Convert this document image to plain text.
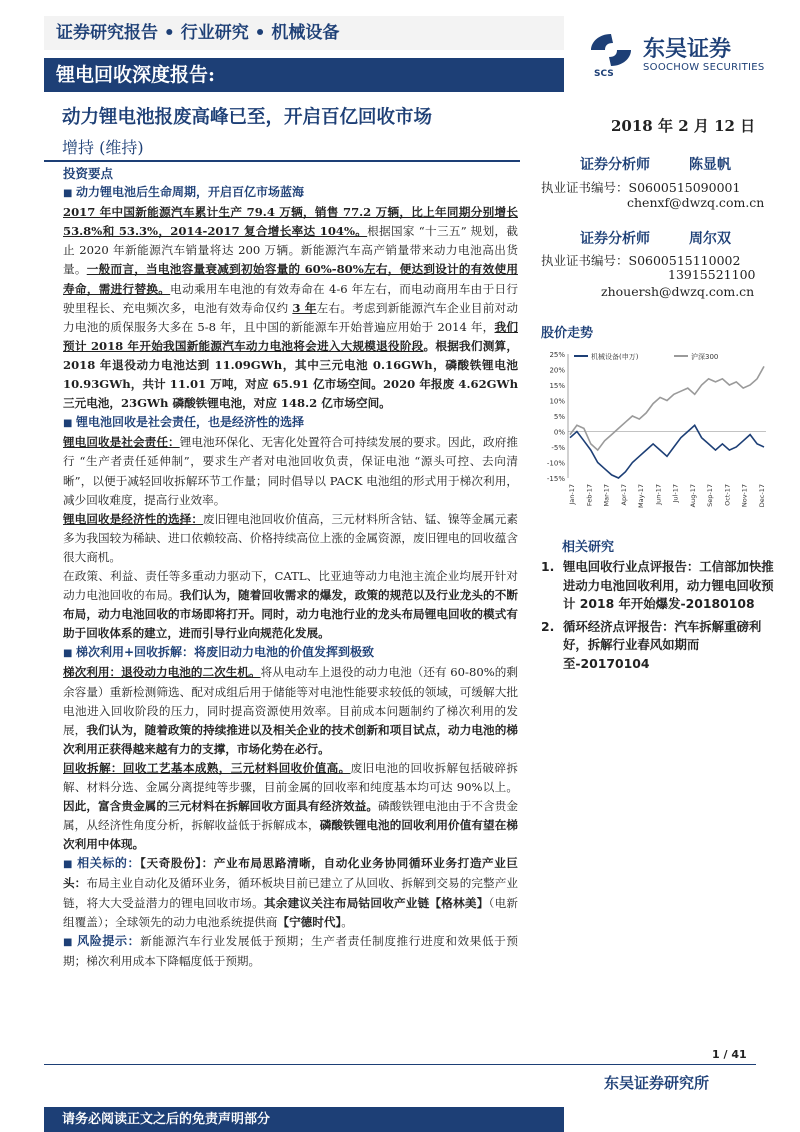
证券研究报告 • 行业研究 • 机械设备
锂电回收深度报告:	SCS
东吴证券
SOOCHOW SECURITIES
动力锂电池报废高峰已至，开启百亿回收市场
增持 (维持)
2018 年 2 月 12 日
投资要点
■ 动力锂电池后生命周期，开启百亿市场蓝海

2017 年中国新能源汽车累计生产 79.4 万辆，销售 77.2 万辆，比上年同期分别增长 53.8%和 53.3%，2014-2017 复合增长率达 104%。根据国家 “十三五” 规划，截止 2020 年新能源汽车销量将达 200 万辆。新能源汽车高产销量带来动力电池高出货量。一般而言，当电池容量衰减到初始容量的 60%-80%左右，便达到设计的有效使用寿命，需进行替换。电动乘用车电池的有效寿命在 4-6 年左右，而电动商用车由于日行驶里程长、充电频次多，电池有效寿命仅约 3 年左右。考虑到新能源汽车企业目前对动力电池的质保服务大多在 5-8 年，且中国的新能源车开始普遍应用始于 2014 年，我们预计 2018 年开始我国新能源汽车动力电池将会进入大规模退役阶段。根据我们测算， 2018 年退役动力电池达到 11.09GWh，其中三元电池 0.16GWh，磷酸铁锂电池 10.93GWh，共计 11.01 万吨，对应 65.91 亿市场空间。2020 年报废 4.62GWh 三元电池，23GWh 磷酸铁锂电池，对应 148.2 亿市场空间。

■ 锂电池回收是社会责任，也是经济性的选择

锂电回收是社会责任：锂电池环保化、无害化处置符合可持续发展的要求。因此，政府推行 “生产者责任延伸制”，要求生产者对电池回收负责，保证电池 “源头可控、去向清晰”，以便于减轻回收拆解环节工作量；同时倡导以 PACK 电池组的形式用于梯次利用，减少回收难度，提高行业效率。

锂电回收是经济性的选择：废旧锂电池回收价值高，三元材料所含钴、锰、镍等金属元素多为我国较为稀缺、进口依赖较高、价格持续高位上涨的金属资源，废旧锂电的回收蕴含很大商机。

在政策、利益、责任等多重动力驱动下，CATL、比亚迪等动力电池主流企业均展开针对动力电池回收的布局。我们认为，随着回收需求的爆发，政策的规范以及行业龙头的不断布局，动力电池回收的市场即将打开。同时，动力电池行业的龙头布局锂电回收的模式有助于回收体系的建立，进而引导行业向规范化发展。

■ 梯次利用+回收拆解：将废旧动力电池的价值发挥到极致

梯次利用：退役动力电池的二次生机。将从电动车上退役的动力电池（还有 60-80%的剩余容量）重新检测筛选、配对成组后用于储能等对电池性能要求较低的领域，可缓解大批电池进入回收阶段的压力，同时提高资源使用效率。目前成本问题制约了梯次利用的发展，我们认为，随着政策的持续推进以及相关企业的技术创新和项目试点，动力电池的梯次利用正获得越来越有力的支撑，市场化势在必行。

回收拆解：回收工艺基本成熟，三元材料回收价值高。废旧电池的回收拆解包括破碎拆解、材料分选、金属分离提纯等步骤，目前金属的回收率和纯度基本均可达 90%以上。因此，富含贵金属的三元材料在拆解回收方面具有经济效益。磷酸铁锂电池由于不含贵金属，从经济性角度分析，拆解收益低于拆解成本，磷酸铁锂电池的回收利用价值有望在梯次利用中体现。

■ 相关标的：【天奇股份】：产业布局思路清晰，自动化业务协同循环业务打造产业巨头：布局主业自动化及循环业务，循环板块目前已建立了从回收、拆解到交易的完整产业链，将大大受益潜力的锂电回收市场。其余建议关注布局钴回收产业链【格林美】（电新组覆盖）；全球领先的动力电池系统提供商【宁德时代】。

■ 风险提示：新能源汽车行业发展低于预期；生产者责任制度推行进度和效果低于预期；梯次利用成本下降幅度低于预期。

证券分析师	陈显帆
执业证书编号：S0600515090001
chenxf@dwzq.com.cn
证券分析师	周尔双
执业证书编号：S0600515110002
13915521100
zhouersh@dwzq.com.cn
股价走势
25%
20%
15%
10%
5%
0%
-5%
-10%
-15%
Jan-17 Feb-17 Mar-17 Apr-17 May-17 Jun-17 Jul-17 Aug-17 Sep-17 Oct-17 Nov-17 Dec-17
机械设备(申万)	沪深300
相关研究
1. 锂电回收行业点评报告：工信部加快推进动力电池回收利用，动力锂电回收预计 2018 年开始爆发-20180108
2. 循环经济点评报告：汽车拆解重磅利好，拆解行业春风如期而至-20170104
1 / 41
东吴证券研究所
请务必阅读正文之后的免责声明部分
